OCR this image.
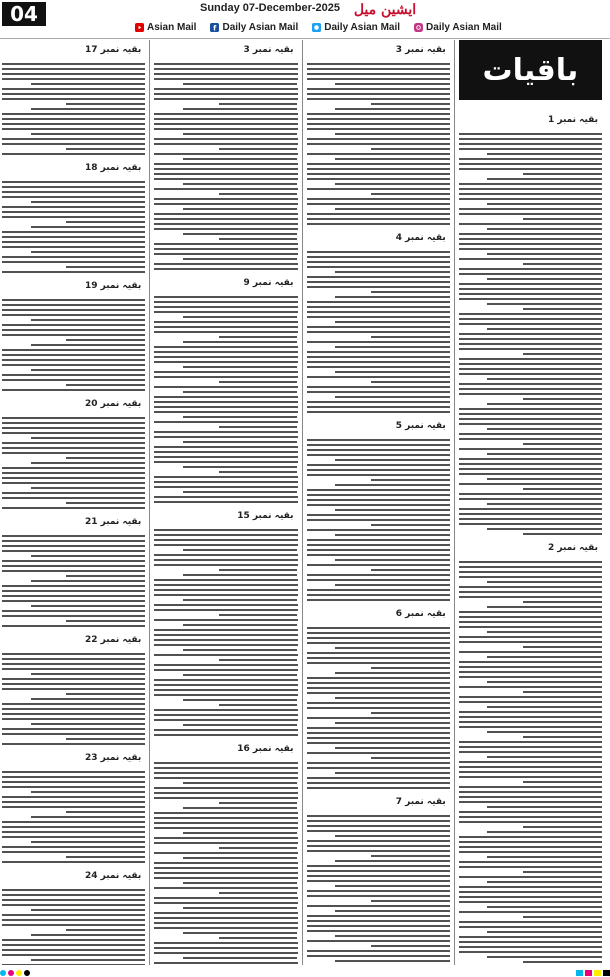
04	Sunday 07-December-2025 ایشین میل
Asian Mail f Daily Asian Mail	Daily Asian Mail	Daily Asian Mail
بقیہ نمبر 17
بقیہ نمبر 18
بقیہ نمبر 19
بقیہ نمبر 20
بقیہ نمبر 21
بقیہ نمبر 22
بقیہ نمبر 23
بقیہ نمبر 24
بقیہ نمبر 3
بقیہ نمبر 9
بقیہ نمبر 15
بقیہ نمبر 16
بقیہ نمبر 3
بقیہ نمبر 4
بقیہ نمبر 5
بقیہ نمبر 6
بقیہ نمبر 7
باقیات
بقیہ نمبر 1
بقیہ نمبر 2
